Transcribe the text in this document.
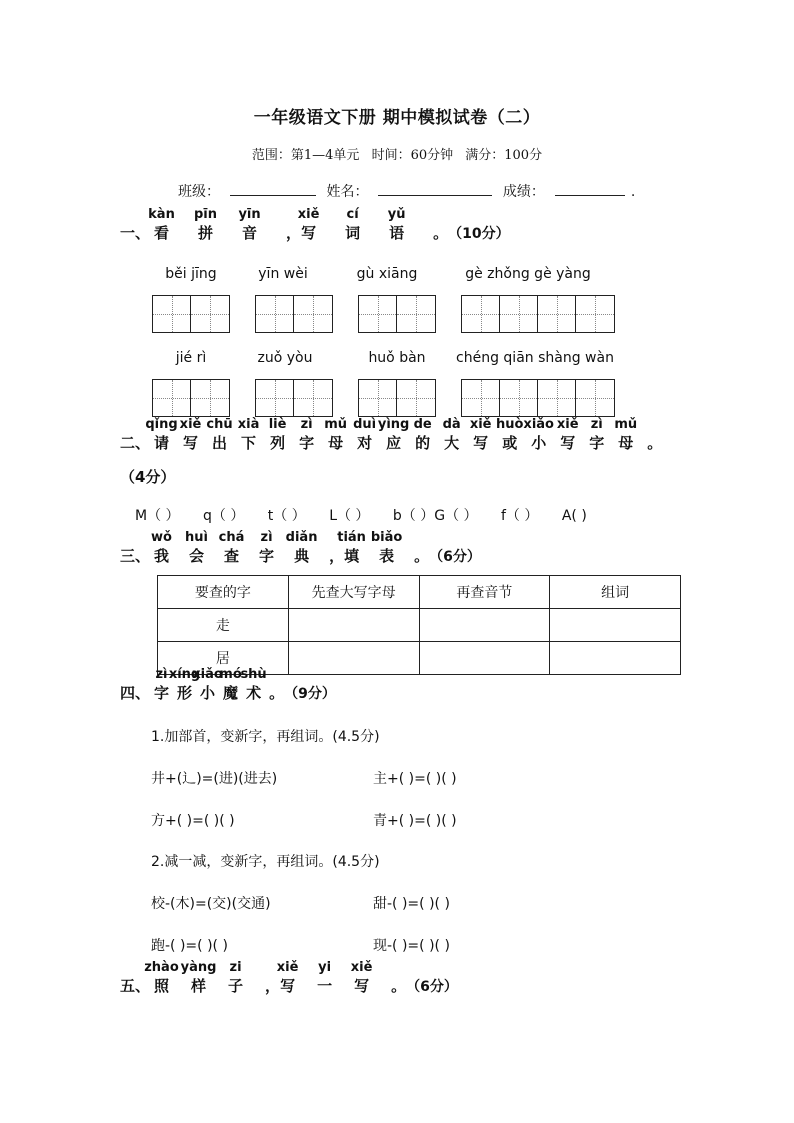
一年级语文下册 期中模拟试卷（二）
范围：第1—4单元 时间：60分钟 满分：100分
班级：	姓名：	成绩：	.
一、 看
kàn
拼
pīn
音
yīn
，写
xiě
词
cí
语
yǔ
。（10分）
běi jīng	yīn wèi	gù xiāng	gè zhǒng gè yàng
jié rì	zuǒ yòu	huǒ bàn	chéng qiān shàng wàn
二、 请
qǐng
写
xiě
出
chū
下
xià
列
liè
字
zì
母
mǔ
对
duì
应
yìng
的
de
大
dà
写
xiě
或
huò
小
xiǎo
写
xiě
字
zì
母
mǔ
。
（4分）
M（ ） q（ ） t（ ） L（ ） b（ ）G（ ） f（ ） A( )
三、 我
wǒ
会
huì
查
chá
字
zì
典
diǎn
，填
tián
表
biǎo
。（6分）
要查的字	先查大写字母	再查音节	组词
走			
居			
四、 字
zì
形
xíng
小
xiǎo
魔
mó
术
shù
。（9分）
1.加部首，变新字，再组词。(4.5分)
井+(辶)=(进)(进去)	主+( )=( )( )
方+( )=( )( )	青+( )=( )( )
2.减一减，变新字，再组词。(4.5分)
校-(木)=(交)(交通)	甜-( )=( )( )
跑-( )=( )( )	现-( )=( )( )
五、 照
zhào
样
yàng
子
zi
，写
xiě
一
yi
写
xiě
。（6分）
